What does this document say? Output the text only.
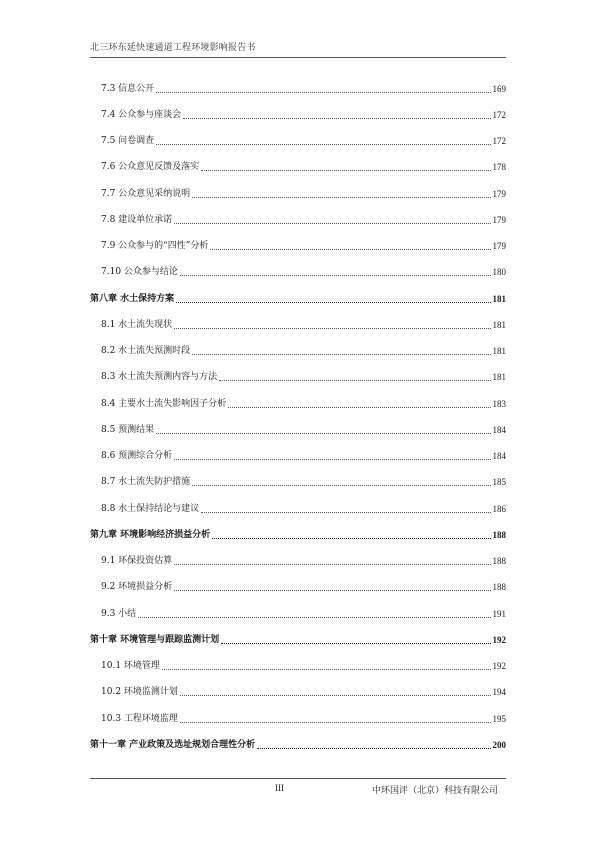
北三环东延快速通道工程环境影响报告书
7.3 信息公开	169
7.4 公众参与座谈会	172
7.5 问卷调查	172
7.6 公众意见反馈及落实	178
7.7 公众意见采纳说明	179
7.8 建设单位承诺	179
7.9 公众参与的“四性”分析	179
7.10 公众参与结论	180
第八章 水土保持方案	181
8.1 水土流失现状	181
8.2 水土流失预测时段	181
8.3 水土流失预测内容与方法	181
8.4 主要水土流失影响因子分析	183
8.5 预测结果	184
8.6 预测综合分析	184
8.7 水土流失防护措施	185
8.8 水土保持结论与建议	186
第九章 环境影响经济损益分析	188
9.1 环保投资估算	188
9.2 环境损益分析	188
9.3 小结	191
第十章 环境管理与跟踪监测计划	192
10.1 环境管理	192
10.2 环境监测计划	194
10.3 工程环境监理	195
第十一章 产业政策及选址规划合理性分析	200
III	中环国评（北京）科技有限公司
